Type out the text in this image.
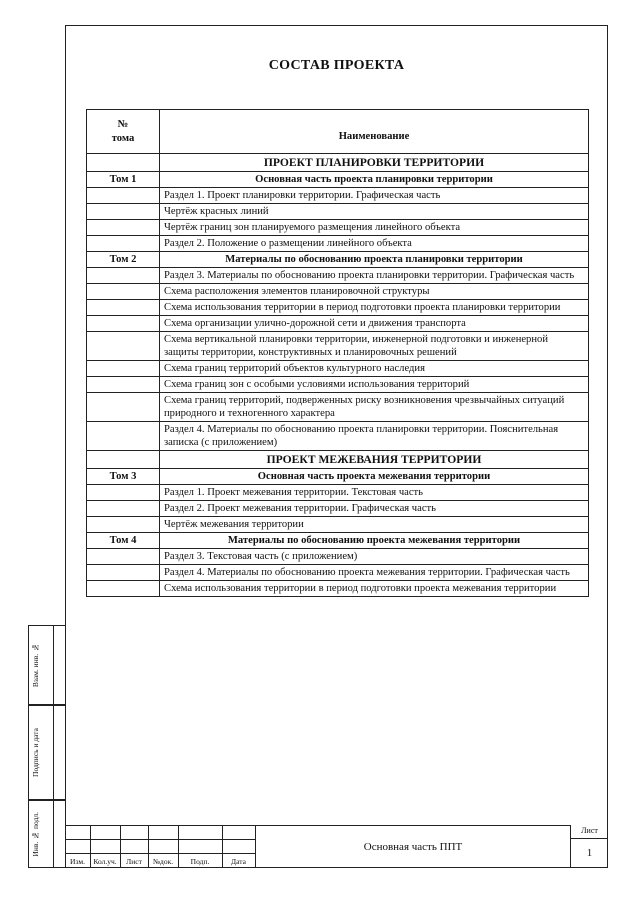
СОСТАВ ПРОЕКТА
№
тома	Наименование
	ПРОЕКТ ПЛАНИРОВКИ ТЕРРИТОРИИ
Том 1	Основная часть проекта планировки территории
	Раздел 1. Проект планировки территории. Графическая часть
	Чертёж красных линий
	Чертёж границ зон планируемого размещения линейного объекта
	Раздел 2. Положение о размещении линейного объекта
Том 2	Материалы по обоснованию проекта планировки территории
	Раздел 3. Материалы по обоснованию проекта планировки территории. Графическая часть
	Схема расположения элементов планировочной структуры
	Схема использования территории в период подготовки проекта планировки территории
	Схема организации улично-дорожной сети и движения транспорта
	Схема вертикальной планировки территории, инженерной подготовки и инженерной защиты территории, конструктивных и планировочных решений
	Схема границ территорий объектов культурного наследия
	Схема границ зон с особыми условиями использования территорий
	Схема границ территорий, подверженных риску возникновения чрезвычайных ситуаций природного и техногенного характера
	Раздел 4. Материалы по обоснованию проекта планировки территории. Пояснительная записка (с приложением)
	ПРОЕКТ МЕЖЕВАНИЯ ТЕРРИТОРИИ
Том 3	Основная часть проекта межевания территории
	Раздел 1. Проект межевания территории. Текстовая часть
	Раздел 2. Проект межевания территории. Графическая часть
	Чертёж межевания территории
Том 4	Материалы по обоснованию проекта межевания территории
	Раздел 3. Текстовая часть (с приложением)
	Раздел 4. Материалы по обоснованию проекта межевания территории. Графическая часть
	Схема использования территории в период подготовки проекта межевания территории
Взам. инв. №
Подпись и дата
Инв. № подл.
Изм.	Кол.уч.	Лист	№док.	Подп.	Дата
Основная часть ППТ
Лист
1
